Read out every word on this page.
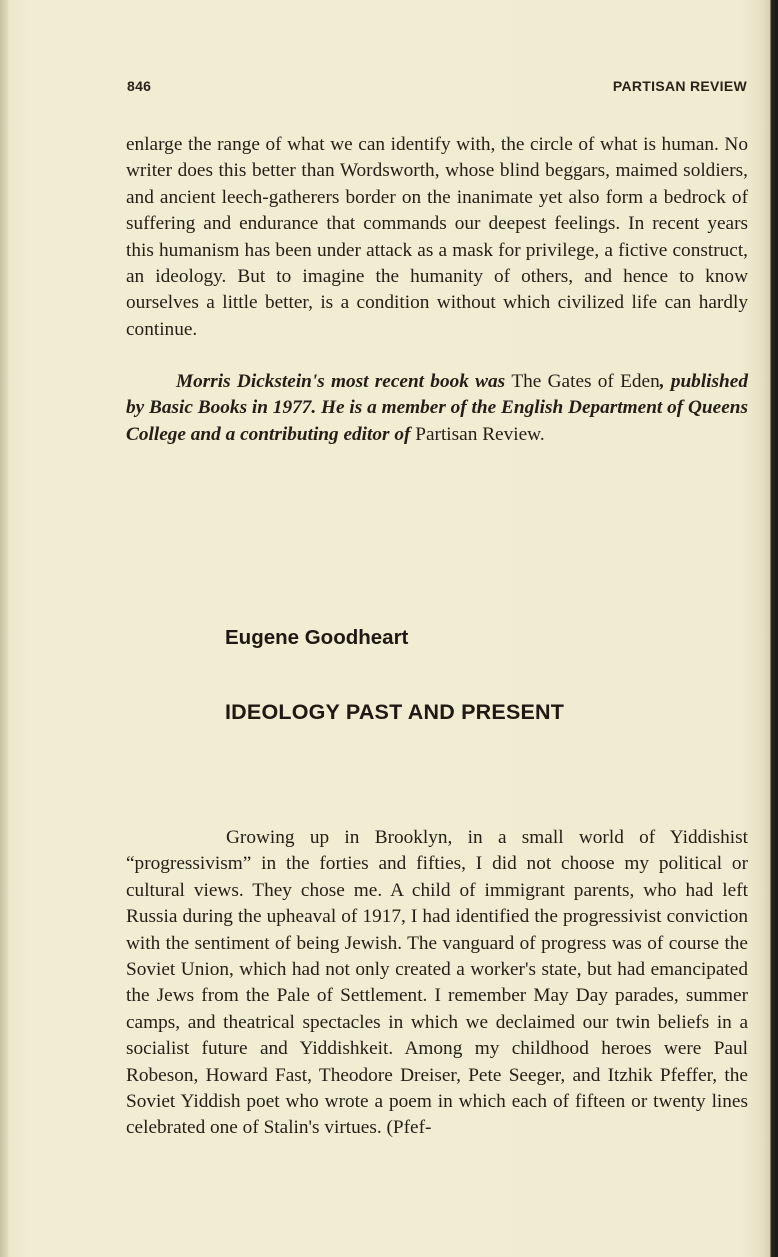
846	PARTISAN REVIEW

enlarge the range of what we can identify with, the circle of what is human. No writer does this better than Wordsworth, whose blind beggars, maimed soldiers, and ancient leech-gatherers border on the inanimate yet also form a bedrock of suffering and endurance that commands our deepest feelings. In recent years this humanism has been under attack as a mask for privilege, a fictive construct, an ideology. But to imagine the humanity of others, and hence to know ourselves a little better, is a condition without which civilized life can hardly continue.

Morris Dickstein's most recent book was The Gates of Eden, published by Basic Books in 1977. He is a member of the English Department of Queens College and a contributing editor of Partisan Review.

Eugene Goodheart
IDEOLOGY PAST AND PRESENT

Growing up in Brooklyn, in a small world of Yiddishist “progressivism” in the forties and fifties, I did not choose my political or cultural views. They chose me. A child of immigrant parents, who had left Russia during the upheaval of 1917, I had identified the progressivist conviction with the sentiment of being Jewish. The vanguard of progress was of course the Soviet Union, which had not only created a worker's state, but had emancipated the Jews from the Pale of Settlement. I remember May Day parades, summer camps, and theatrical spectacles in which we declaimed our twin beliefs in a socialist future and Yiddishkeit. Among my childhood heroes were Paul Robeson, Howard Fast, Theodore Dreiser, Pete Seeger, and Itzhik Pfeffer, the Soviet Yiddish poet who wrote a poem in which each of fifteen or twenty lines celebrated one of Stalin's virtues. (Pfef-
